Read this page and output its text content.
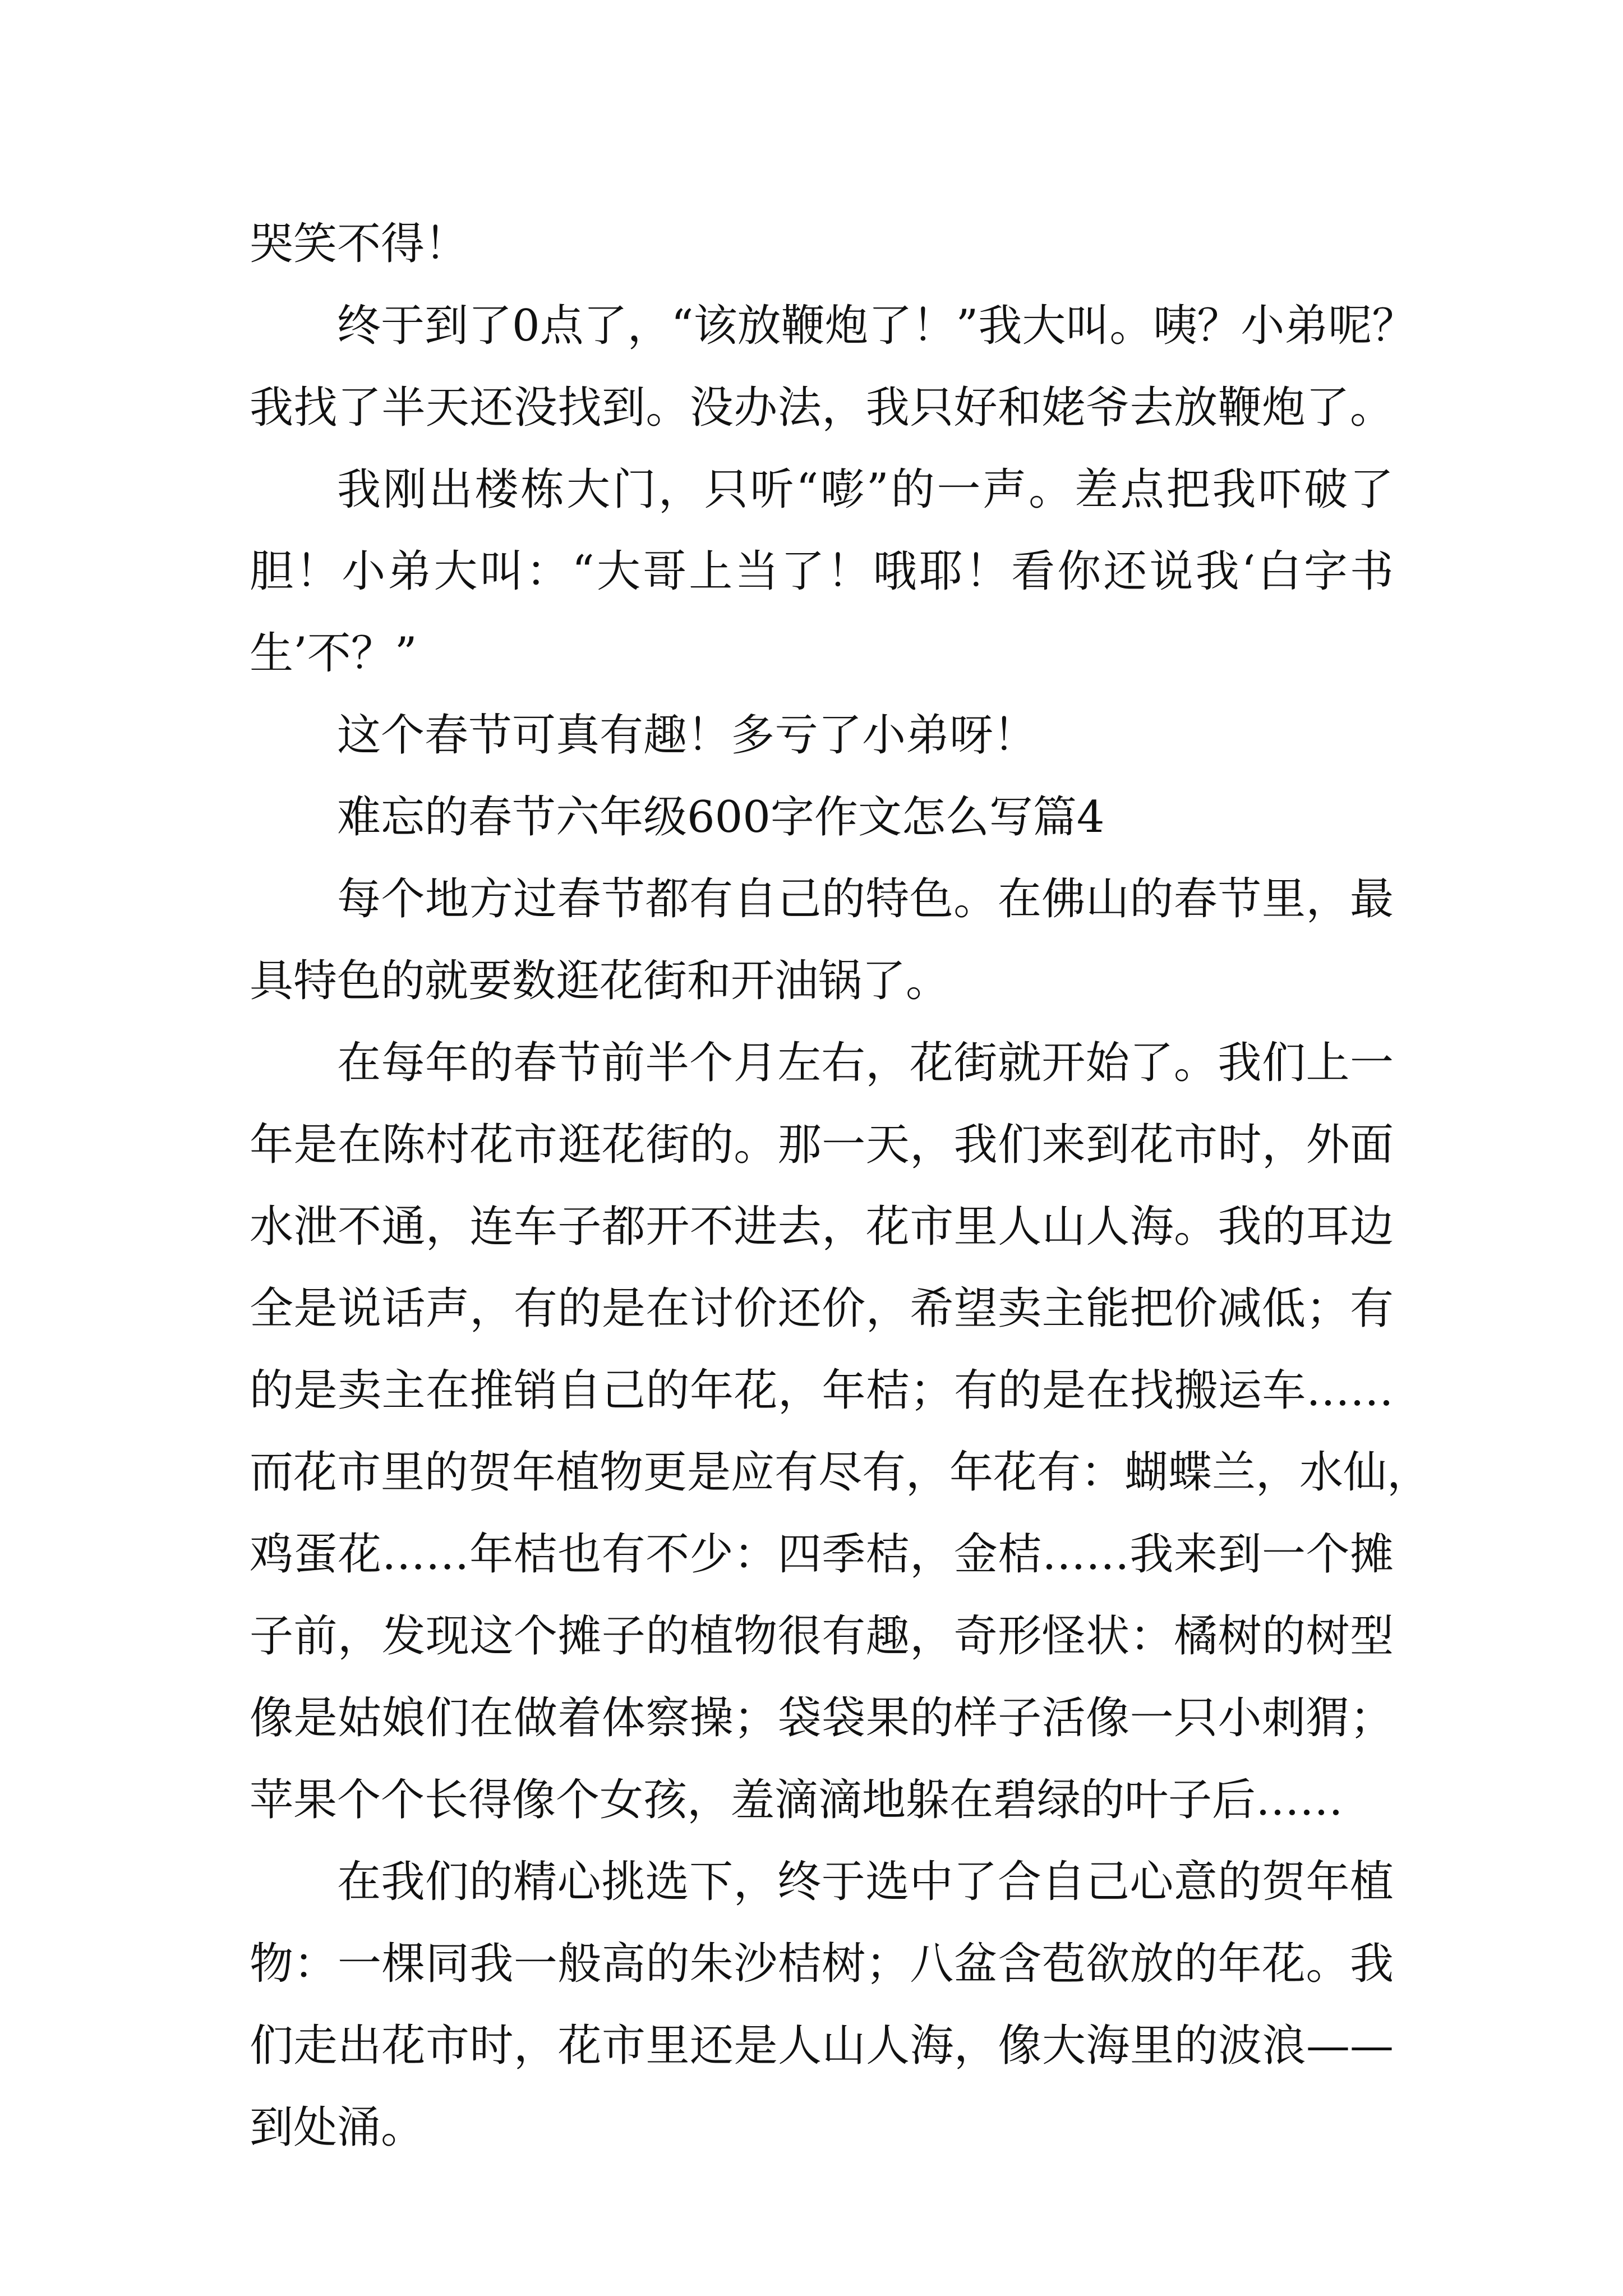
哭笑不得！
终于到了0点了，“该放鞭炮了！”我大叫。咦？小弟呢？
我找了半天还没找到。没办法，我只好和姥爷去放鞭炮了。
我刚出楼栋大门，只听“嘭”的一声。差点把我吓破了
胆！小弟大叫：“大哥上当了！哦耶！看你还说我‘白字书
生’不？”
这个春节可真有趣！多亏了小弟呀！
难忘的春节六年级600字作文怎么写篇4
每个地方过春节都有自己的特色。在佛山的春节里，最
具特色的就要数逛花街和开油锅了。
在每年的春节前半个月左右，花街就开始了。我们上一
年是在陈村花市逛花街的。那一天，我们来到花市时，外面
水泄不通，连车子都开不进去，花市里人山人海。我的耳边
全是说话声，有的是在讨价还价，希望卖主能把价减低；有
的是卖主在推销自己的年花，年桔；有的是在找搬运车……
而花市里的贺年植物更是应有尽有，年花有：蝴蝶兰，水仙，
鸡蛋花……年桔也有不少：四季桔，金桔……我来到一个摊
子前，发现这个摊子的植物很有趣，奇形怪状：橘树的树型
像是姑娘们在做着体察操；袋袋果的样子活像一只小刺猬；
苹果个个长得像个女孩，羞滴滴地躲在碧绿的叶子后……
在我们的精心挑选下，终于选中了合自己心意的贺年植
物：一棵同我一般高的朱沙桔树；八盆含苞欲放的年花。我
们走出花市时，花市里还是人山人海，像大海里的波浪——
到处涌。
